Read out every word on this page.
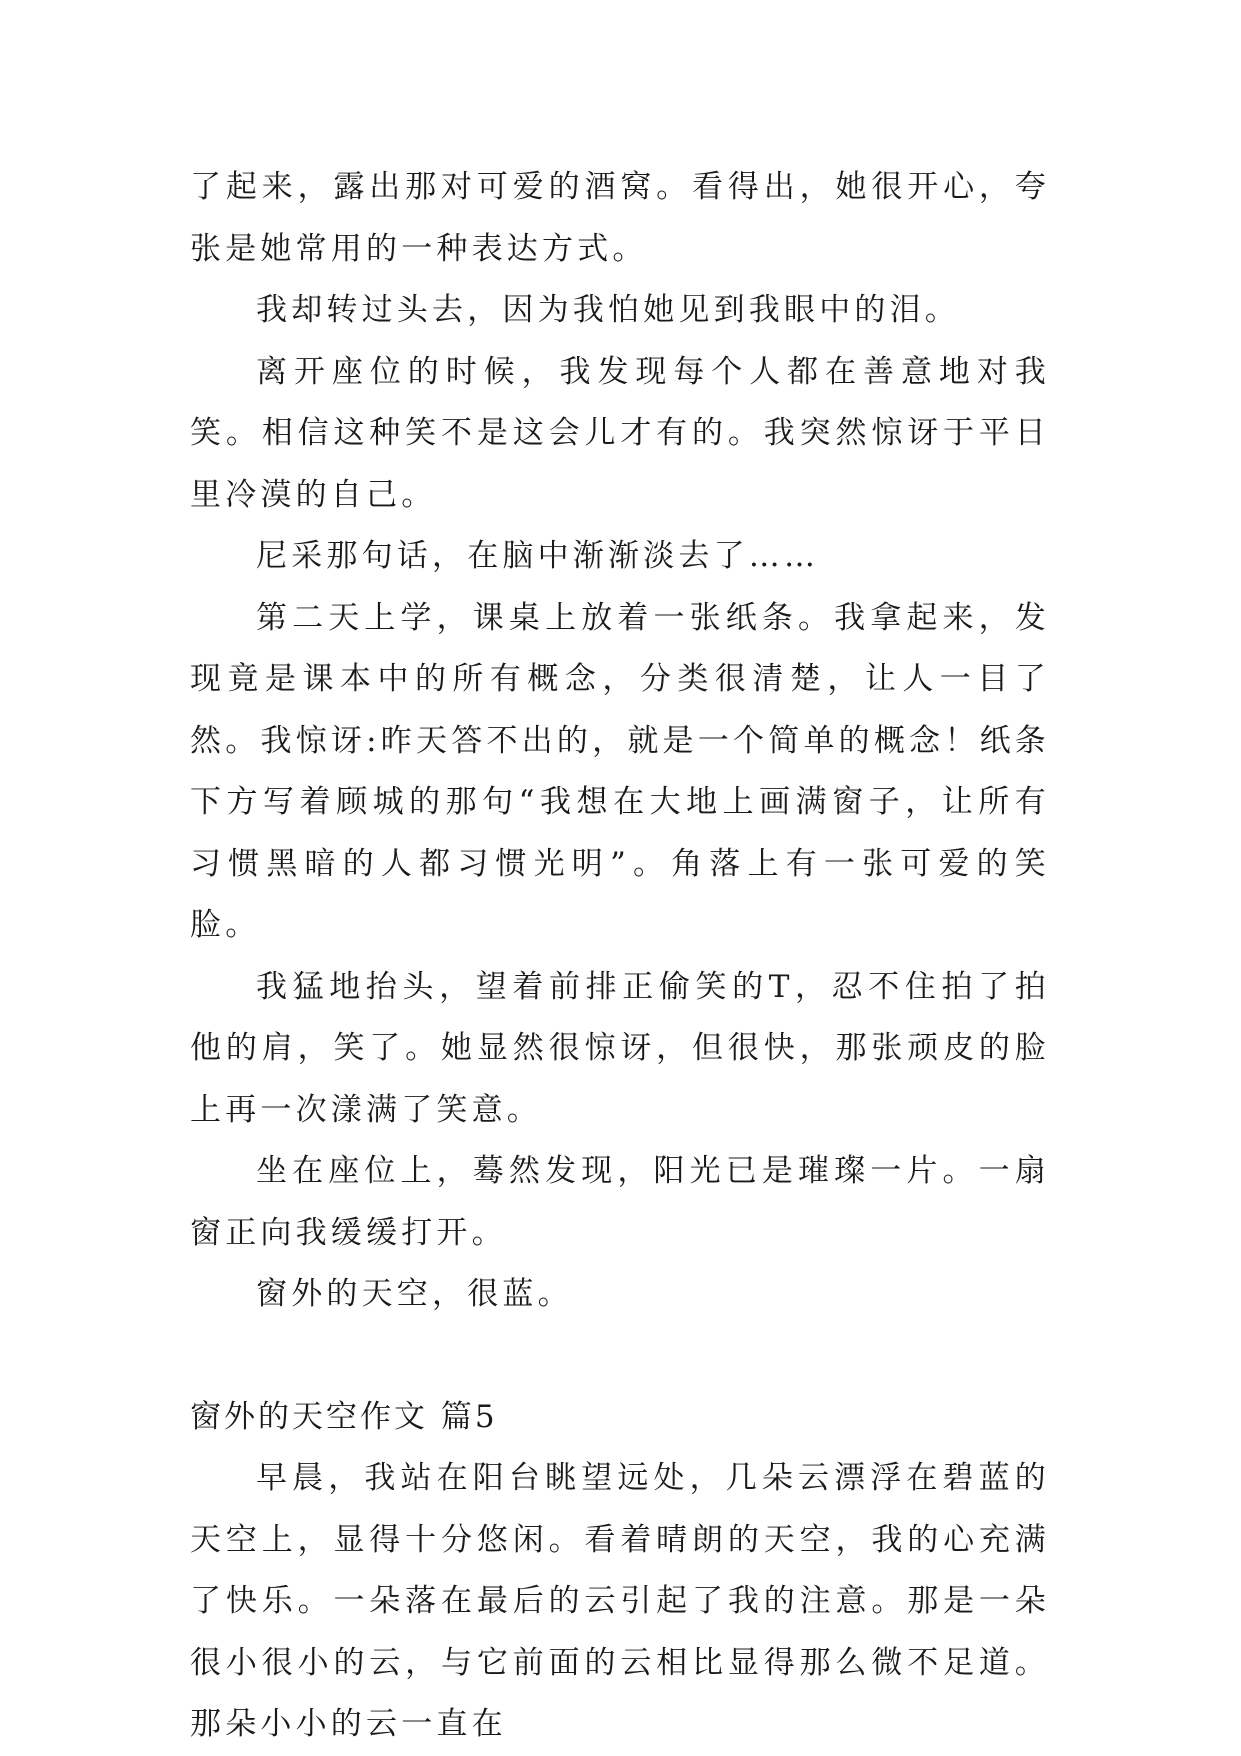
了起来，露出那对可爱的酒窝。看得出，她很开心，夸张是她常用的一种表达方式。

我却转过头去，因为我怕她见到我眼中的泪。

离开座位的时候，我发现每个人都在善意地对我笑。相信这种笑不是这会儿才有的。我突然惊讶于平日里冷漠的自己。

尼采那句话，在脑中渐渐淡去了……

第二天上学，课桌上放着一张纸条。我拿起来，发现竟是课本中的所有概念，分类很清楚，让人一目了然。我惊讶:昨天答不出的，就是一个简单的概念！纸条下方写着顾城的那句“我想在大地上画满窗子，让所有习惯黑暗的人都习惯光明”。角落上有一张可爱的笑脸。

我猛地抬头，望着前排正偷笑的T，忍不住拍了拍他的肩，笑了。她显然很惊讶，但很快，那张顽皮的脸上再一次漾满了笑意。

坐在座位上，蓦然发现，阳光已是璀璨一片。一扇窗正向我缓缓打开。

窗外的天空，很蓝。

窗外的天空作文 篇5

早晨，我站在阳台眺望远处，几朵云漂浮在碧蓝的天空上，显得十分悠闲。看着晴朗的天空，我的心充满了快乐。一朵落在最后的云引起了我的注意。那是一朵很小很小的云，与它前面的云相比显得那么微不足道。那朵小小的云一直在
